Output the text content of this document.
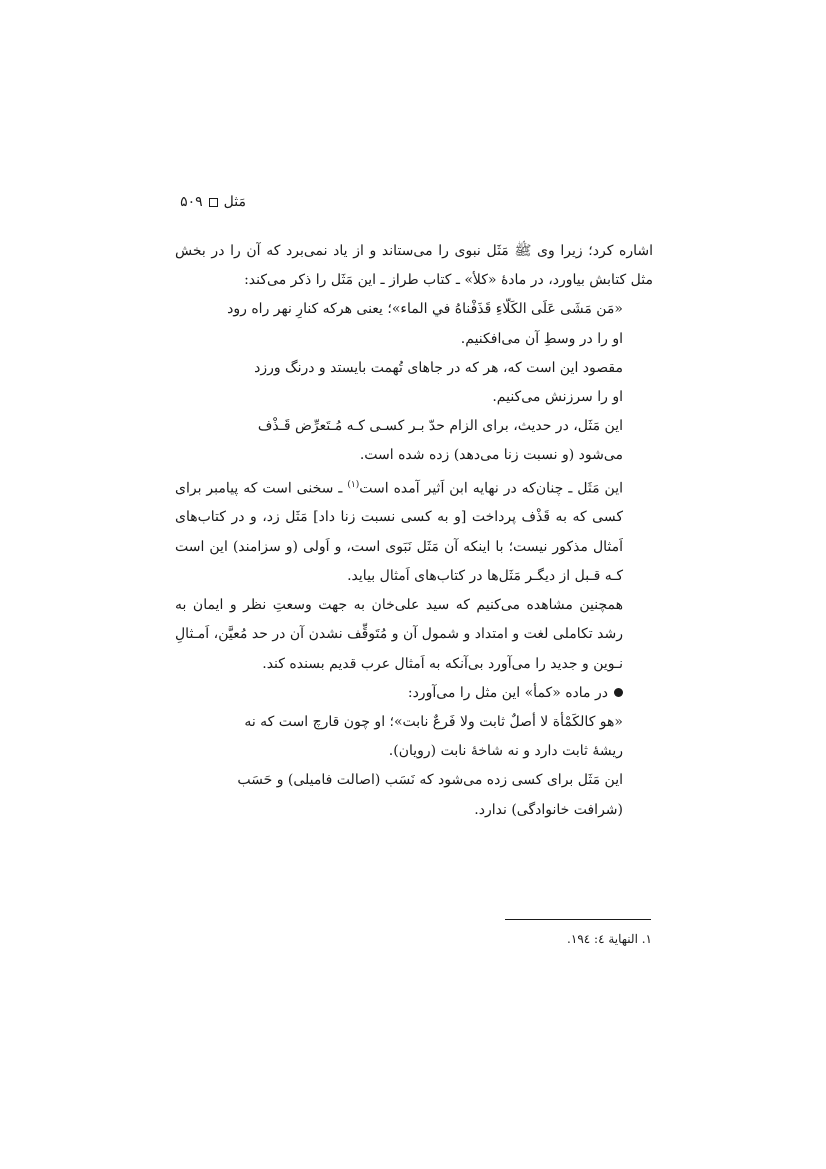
مَثل
۵۰۹

اشاره کرد؛ زیرا وی ﷺ مَثَل نبوی را می‌ستاند و از یاد نمی‌برد که آن را در بخش مثل کتابش بیاورد، در مادهٔ «کلأ» ـ کتاب طراز ـ این مَثَل را ذکر می‌کند:

«مَن مَشَی عَلَی الکَلّاءِ قَذَفْناهُ في الماء»؛ یعنی هرکه کنارِ نهر راه رود

او را در وسطِ آن می‌افکنیم.

مقصود این است که، هر که در جاهای تُهمت بایستد و درنگ ورزد

او را سرزنش می‌کنیم.

این مَثَل، در حدیث، برای الزام حدّ بـر کسـی کـه مُـتَعرِّض قَـذْف

می‌شود (و نسبت زنا می‌دهد) زده شده است.

این مَثَل ـ چنان‌که در نهایه ابن اَثیر آمده است$^{(۱)}$ ـ سخنی است که پیامبر برای کسی که به قَذْف پرداخت [و به کسی نسبت زنا داد] مَثَل زد، و در کتاب‌های اَمثال مذکور نیست؛ با اینکه آن مَثَل نَبَوی است، و اَولی (و سزامند) این است کـه قـبل از دیگـر مَثَل‌ها در کتاب‌های اَمثال بیاید.

همچنین مشاهده می‌کنیم که سید علی‌خان به جهت وسعتِ نظر و ایمان به رشد تکاملی لغت و امتداد و شمول آن و مُتَوقِّف نشدن آن در حد مُعیَّن، اَمـثالِ نـوین و جدید را می‌آورد بی‌آنکه به اَمثال عرب قدیم بسنده کند.

در ماده «کمأ» این مثل را می‌آورد:

«هو کالکَمْأة لا أصلٌ ثابت ولا فَرعٌ نابت»؛ او چون قارچ است که نه

ریشهٔ ثابت دارد و نه شاخهٔ نابت (رویان).

این مَثَل برای کسی زده می‌شود که نَسَب (اصالت فامیلی) و حَسَب

(شرافت خانوادگی) ندارد.

۱. النهایة ٤: ١٩٤.
